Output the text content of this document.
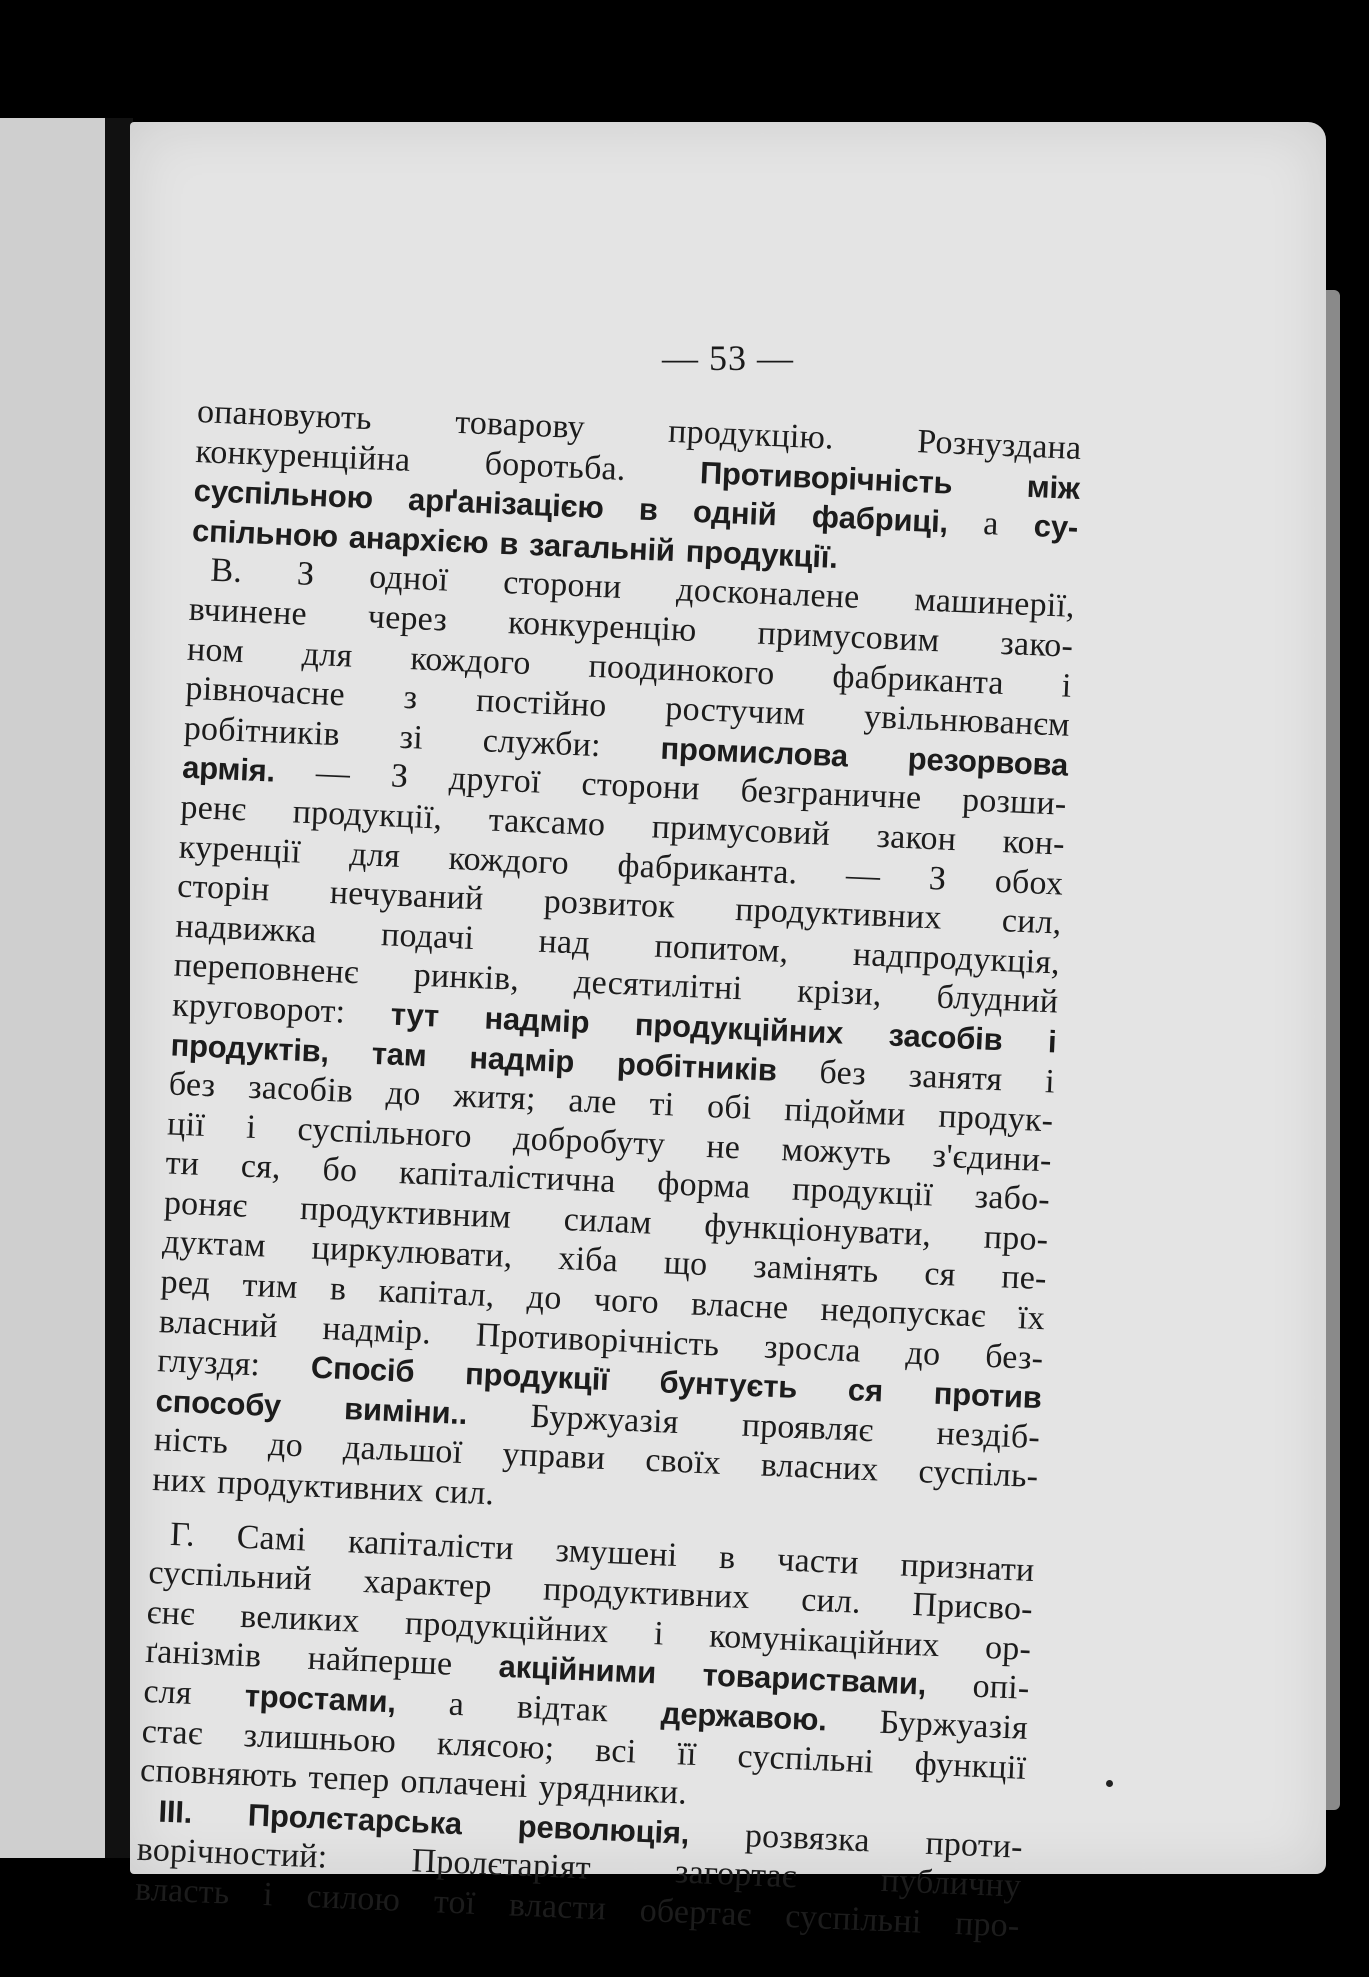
— 53 —
опановують товарову продукцію. Рознуздана
конкуренційна боротьба. Противорічність між
суспільною арґанізацією в одній фабриці, а су-
спільною анархією в загальній продукції.
В. З одної сторони досконалене машинерії,
вчинене через конкуренцію примусовим зако-
ном для кождого поодинокого фабриканта і
рівночасне з постійно ростучим увільнюванєм
робітників зі служби: промислова резорвова
армія. — З другої сторони безграничне розши-
ренє продукції, таксамо примусовий закон кон-
куренції для кождого фабриканта. — З обох
сторін нечуваний розвиток продуктивних сил,
надвижка подачі над попитом, надпродукція,
переповненє ринків, десятилітні крізи, блудний
круговорот: тут надмір продукційних засобів і
продуктів, там надмір робітників без занятя і
без засобів до житя; але ті обі підойми продук-
ції і суспільного добробуту не можуть з'єдини-
ти ся, бо капіталістична форма продукції забо-
роняє продуктивним силам функціонувати, про-
дуктам циркулювати, хіба що замінять ся пе-
ред тим в капітал, до чого власне недопускає їх
власний надмір. Противорічність зросла до без-
глуздя: Спосіб продукції бунтуєть ся против
способу виміни.. Буржуазія проявляє нездіб-
ність до дальшої управи своїх власних суспіль-
них продуктивних сил.
Г. Самі капіталісти змушені в части признати
суспільний характер продуктивних сил. Присво-
єнє великих продукційних і комунікаційних ор-
ґанізмів найперше акційними товариствами, опі-
сля тростами, а відтак державою. Буржуазія
стає злишньою клясою; всі її суспільні функції
сповняють тепер оплачені урядники.
III. Пролєтарська революція, розвязка проти-
ворічностий: Пролєтаріят загортає публичну
власть і силою тої власти обертає суспільні про-
